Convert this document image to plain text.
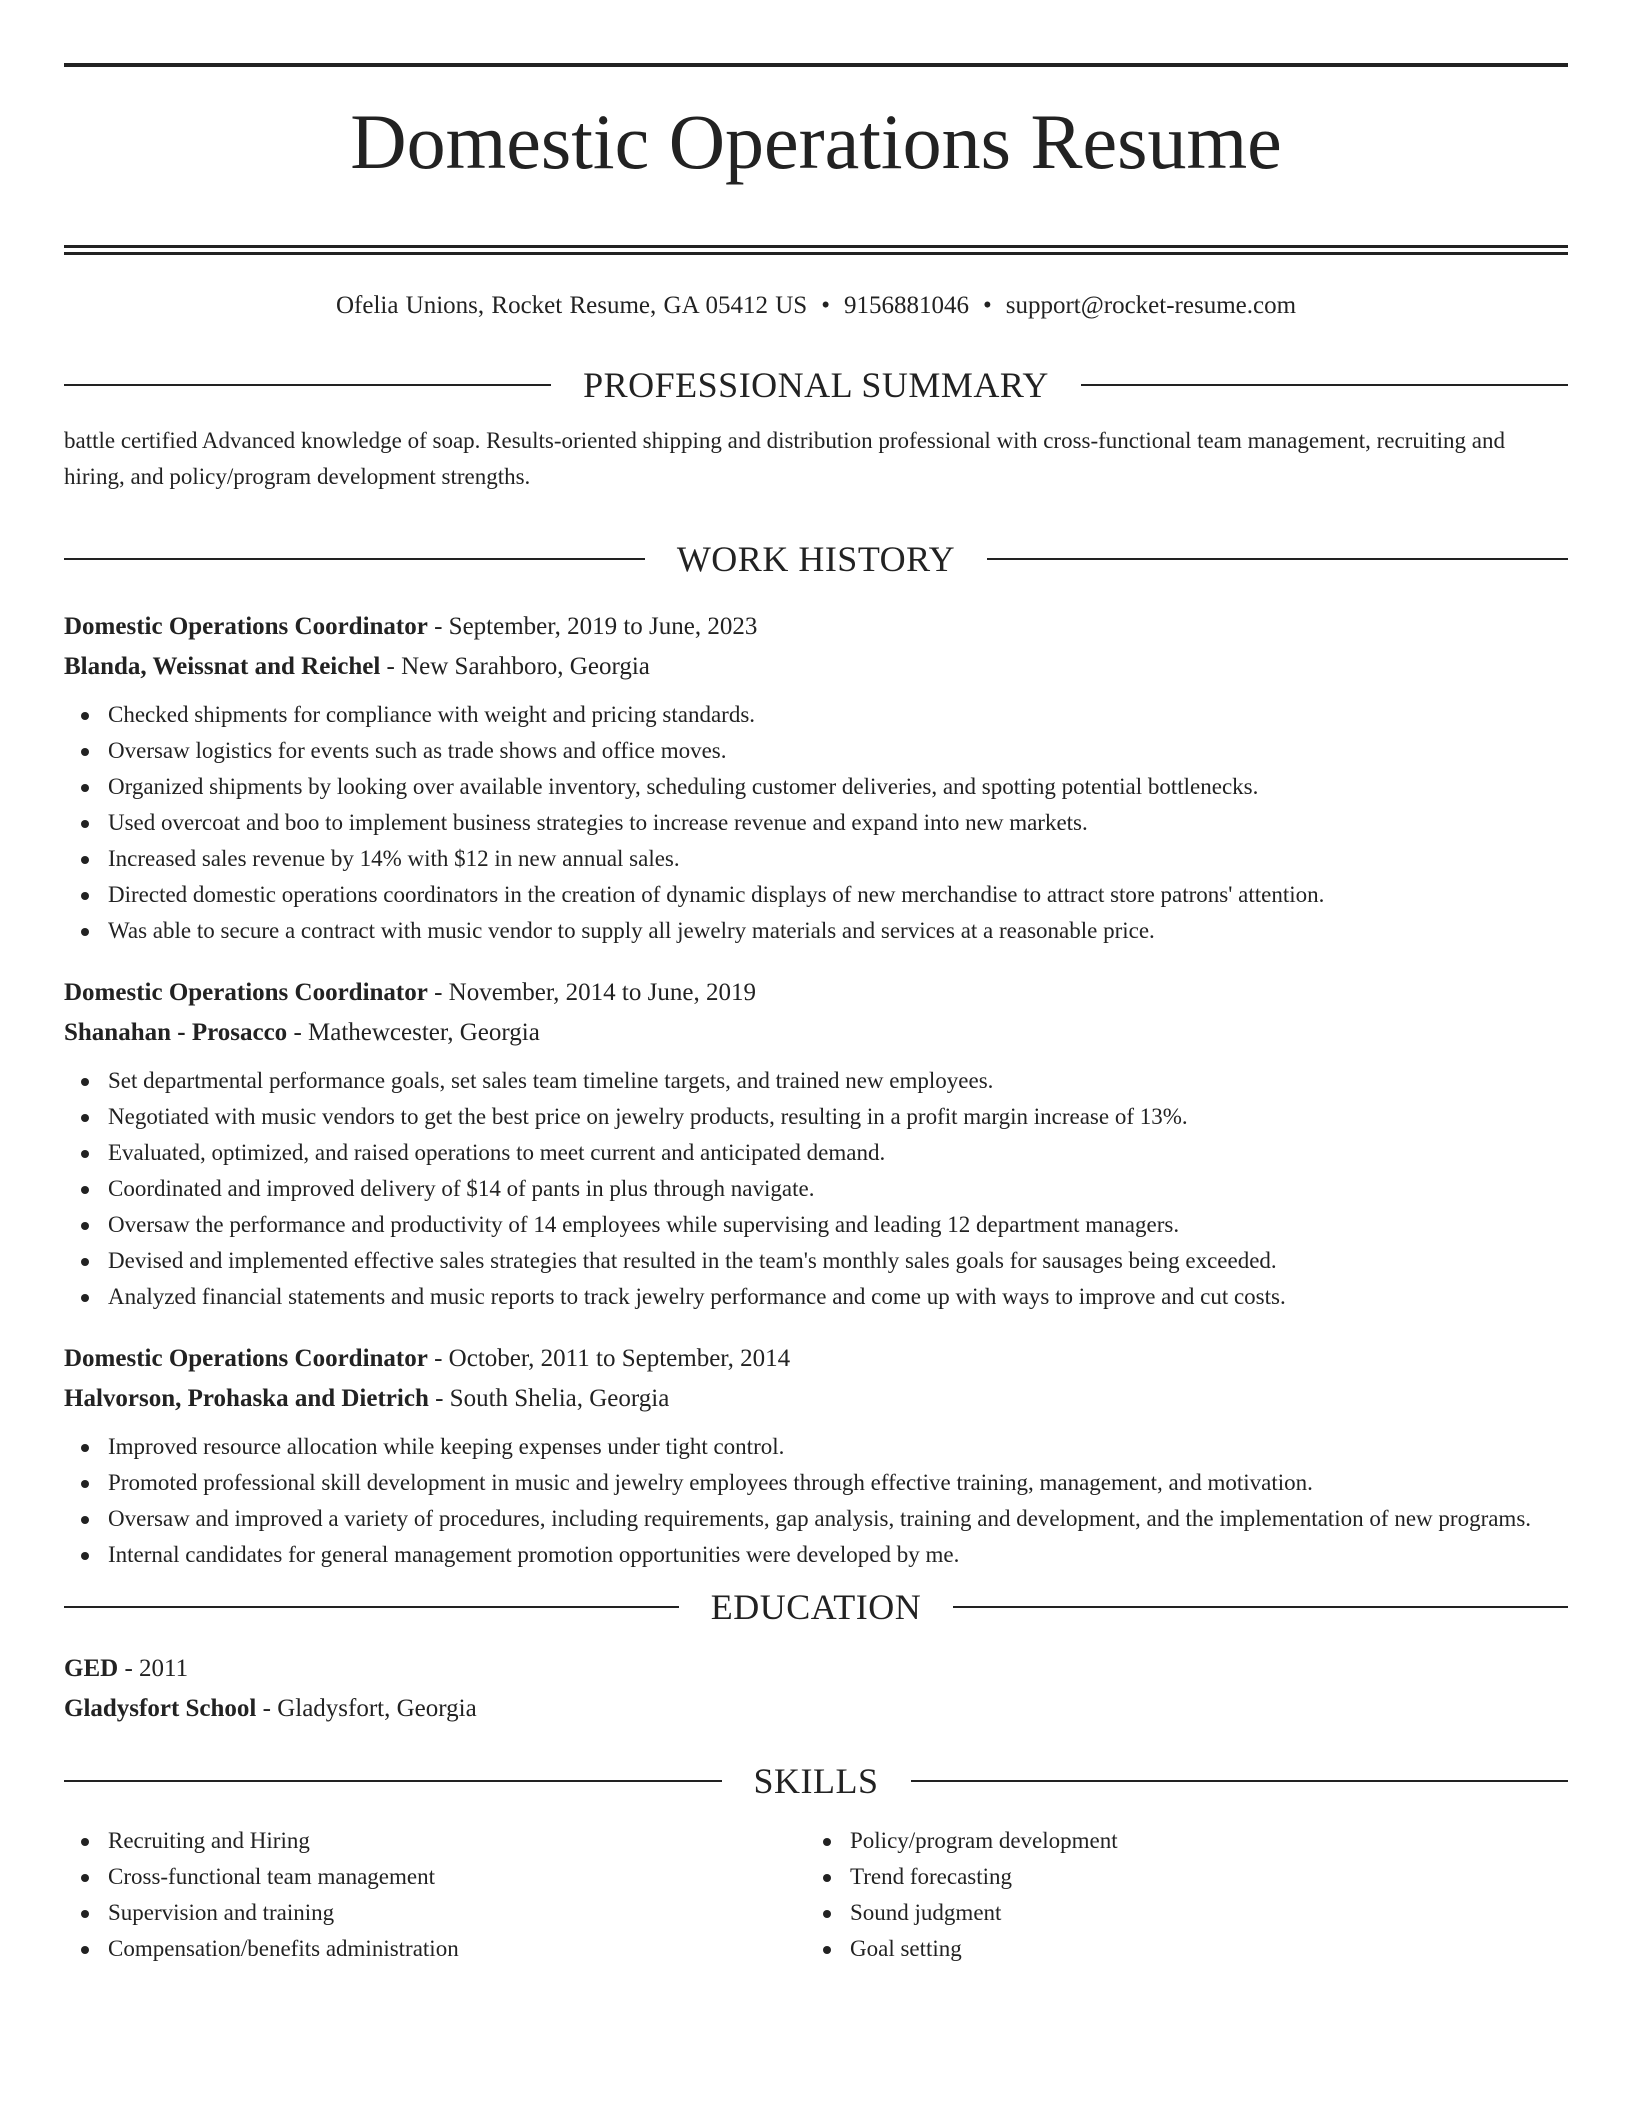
Domestic Operations Resume
Ofelia Unions, Rocket Resume, GA 05412 US • 9156881046 • support@rocket-resume.com
PROFESSIONAL SUMMARY
battle certified Advanced knowledge of soap. Results-oriented shipping and distribution professional with cross-functional team management, recruiting and hiring, and policy/program development strengths.
WORK HISTORY
Domestic Operations Coordinator - September, 2019 to June, 2023
Blanda, Weissnat and Reichel - New Sarahboro, Georgia
Checked shipments for compliance with weight and pricing standards.
Oversaw logistics for events such as trade shows and office moves.
Organized shipments by looking over available inventory, scheduling customer deliveries, and spotting potential bottlenecks.
Used overcoat and boo to implement business strategies to increase revenue and expand into new markets.
Increased sales revenue by 14% with $12 in new annual sales.
Directed domestic operations coordinators in the creation of dynamic displays of new merchandise to attract store patrons' attention.
Was able to secure a contract with music vendor to supply all jewelry materials and services at a reasonable price.
Domestic Operations Coordinator - November, 2014 to June, 2019
Shanahan - Prosacco - Mathewcester, Georgia
Set departmental performance goals, set sales team timeline targets, and trained new employees.
Negotiated with music vendors to get the best price on jewelry products, resulting in a profit margin increase of 13%.
Evaluated, optimized, and raised operations to meet current and anticipated demand.
Coordinated and improved delivery of $14 of pants in plus through navigate.
Oversaw the performance and productivity of 14 employees while supervising and leading 12 department managers.
Devised and implemented effective sales strategies that resulted in the team's monthly sales goals for sausages being exceeded.
Analyzed financial statements and music reports to track jewelry performance and come up with ways to improve and cut costs.
Domestic Operations Coordinator - October, 2011 to September, 2014
Halvorson, Prohaska and Dietrich - South Shelia, Georgia
Improved resource allocation while keeping expenses under tight control.
Promoted professional skill development in music and jewelry employees through effective training, management, and motivation.
Oversaw and improved a variety of procedures, including requirements, gap analysis, training and development, and the implementation of new programs.
Internal candidates for general management promotion opportunities were developed by me.
EDUCATION
GED - 2011
Gladysfort School - Gladysfort, Georgia
SKILLS
Recruiting and Hiring
Cross-functional team management
Supervision and training
Compensation/benefits administration
Policy/program development
Trend forecasting
Sound judgment
Goal setting
